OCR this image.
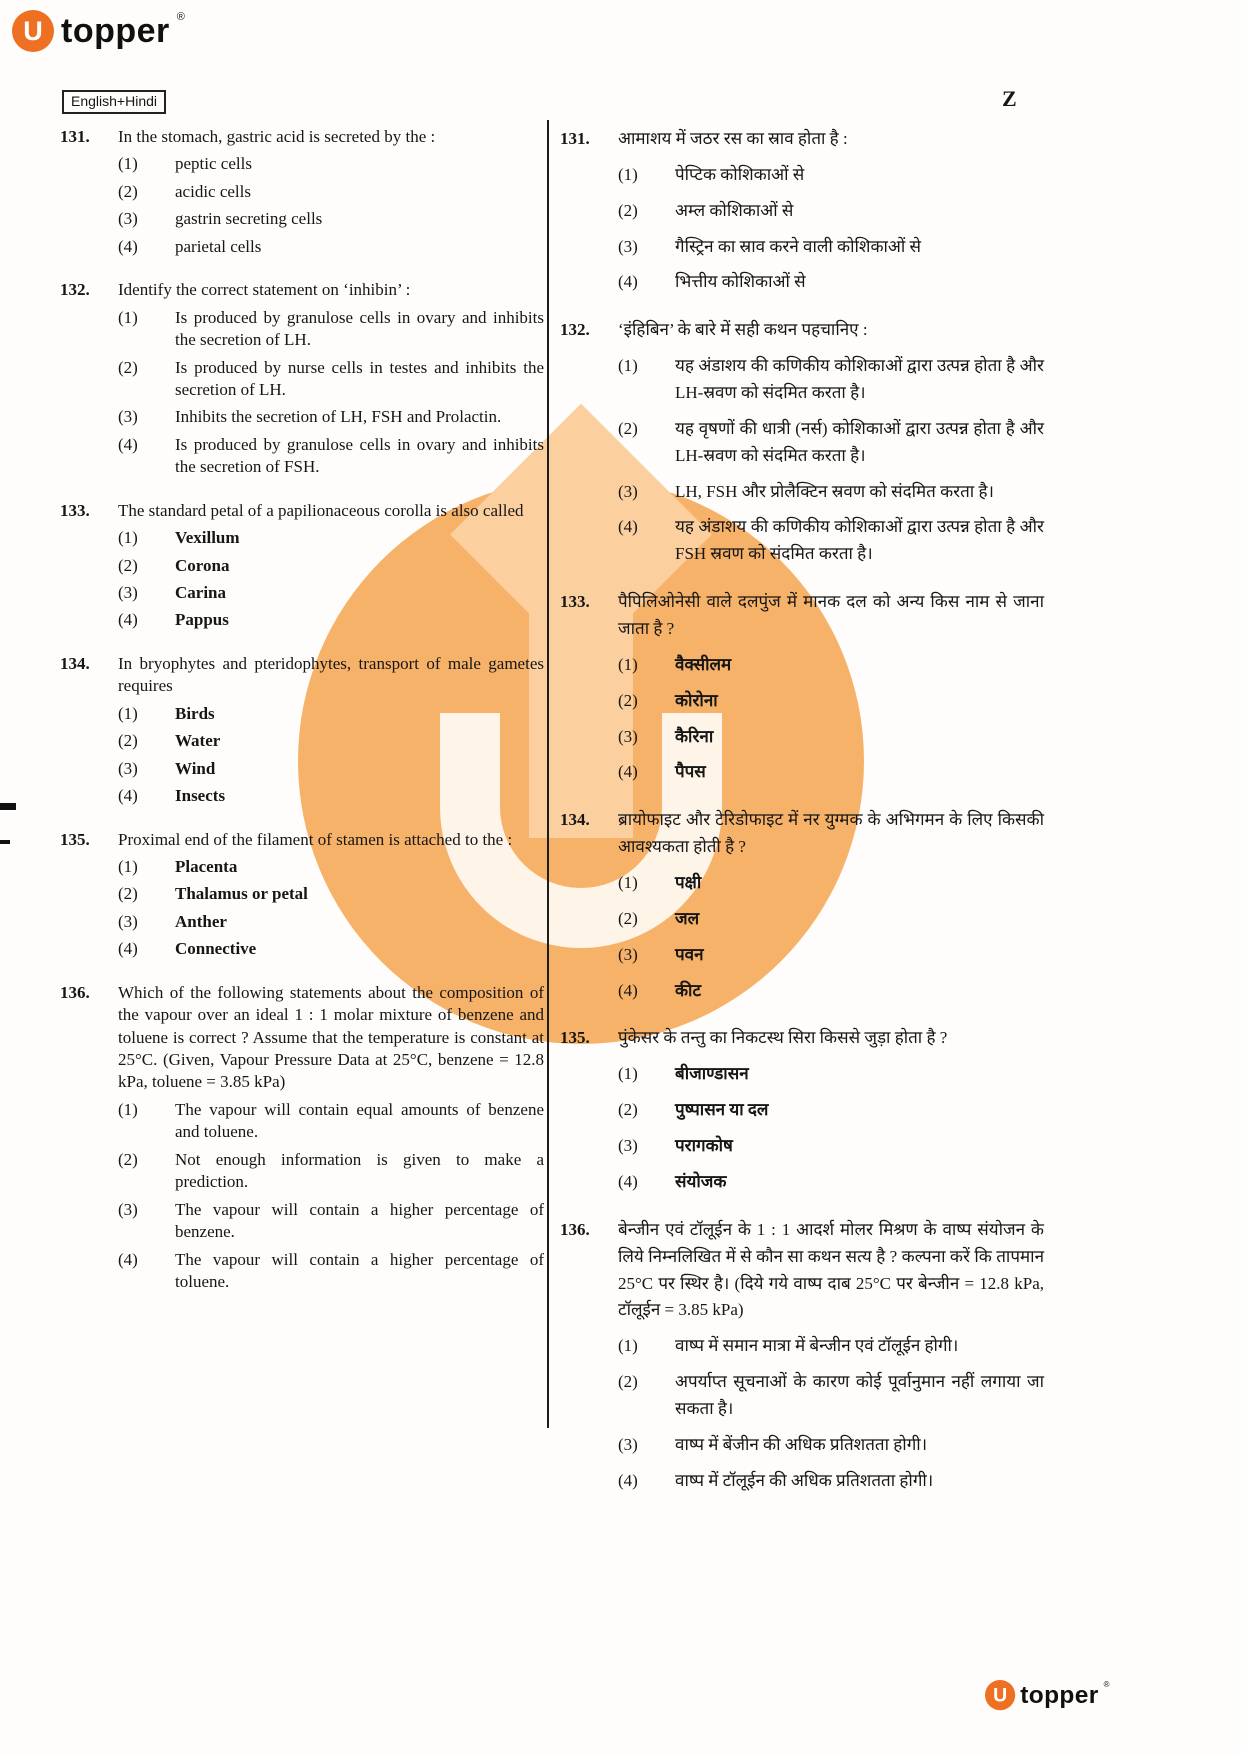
U topper ®
English+Hindi	Z
131.	In the stomach, gastric acid is secreted by the :
(1)	peptic cells
(2)	acidic cells
(3)	gastrin secreting cells
(4)	parietal cells
132.	Identify the correct statement on ‘inhibin’ :
(1)	Is produced by granulose cells in ovary and inhibits the secretion of LH.
(2)	Is produced by nurse cells in testes and inhibits the secretion of LH.
(3)	Inhibits the secretion of LH, FSH and Prolactin.
(4)	Is produced by granulose cells in ovary and inhibits the secretion of FSH.
133.	The standard petal of a papilionaceous corolla is also called
(1)	Vexillum
(2)	Corona
(3)	Carina
(4)	Pappus
134.	In bryophytes and pteridophytes, transport of male gametes requires
(1)	Birds
(2)	Water
(3)	Wind
(4)	Insects
135.	Proximal end of the filament of stamen is attached to the :
(1)	Placenta
(2)	Thalamus or petal
(3)	Anther
(4)	Connective
136.	Which of the following statements about the composition of the vapour over an ideal 1 : 1 molar mixture of benzene and toluene is correct ? Assume that the temperature is constant at 25°C. (Given, Vapour Pressure Data at 25°C, benzene = 12.8 kPa, toluene = 3.85 kPa)
(1)	The vapour will contain equal amounts of benzene and toluene.
(2)	Not enough information is given to make a prediction.
(3)	The vapour will contain a higher percentage of benzene.
(4)	The vapour will contain a higher percentage of toluene.
131.	आमाशय में जठर रस का स्राव होता है :
(1)	पेप्टिक कोशिकाओं से
(2)	अम्ल कोशिकाओं से
(3)	गैस्ट्रिन का स्राव करने वाली कोशिकाओं से
(4)	भित्तीय कोशिकाओं से
132.	‘इंहिबिन’ के बारे में सही कथन पहचानिए :
(1)	यह अंडाशय की कणिकीय कोशिकाओं द्वारा उत्पन्न होता है और LH-स्रवण को संदमित करता है।
(2)	यह वृषणों की धात्री (नर्स) कोशिकाओं द्वारा उत्पन्न होता है और LH-स्रवण को संदमित करता है।
(3)	LH, FSH और प्रोलैक्टिन स्रवण को संदमित करता है।
(4)	यह अंडाशय की कणिकीय कोशिकाओं द्वारा उत्पन्न होता है और FSH स्रवण को संदमित करता है।
133.	पैपिलिओनेसी वाले दलपुंज में मानक दल को अन्य किस नाम से जाना जाता है ?
(1)	वैक्सीलम
(2)	कोरोना
(3)	कैरिना
(4)	पैपस
134.	ब्रायोफाइट और टेरिडोफाइट में नर युग्मक के अभिगमन के लिए किसकी आवश्यकता होती है ?
(1)	पक्षी
(2)	जल
(3)	पवन
(4)	कीट
135.	पुंकेसर के तन्तु का निकटस्थ सिरा किससे जुड़ा होता है ?
(1)	बीजाण्डासन
(2)	पुष्पासन या दल
(3)	परागकोष
(4)	संयोजक
136.	बेन्जीन एवं टॉलूईन के 1 : 1 आदर्श मोलर मिश्रण के वाष्प संयोजन के लिये निम्नलिखित में से कौन सा कथन सत्य है ? कल्पना करें कि तापमान 25°C पर स्थिर है। (दिये गये वाष्प दाब 25°C पर बेन्जीन = 12.8 kPa, टॉलूईन = 3.85 kPa)
(1)	वाष्प में समान मात्रा में बेन्जीन एवं टॉलूईन होगी।
(2)	अपर्याप्त सूचनाओं के कारण कोई पूर्वानुमान नहीं लगाया जा सकता है।
(3)	वाष्प में बेंजीन की अधिक प्रतिशतता होगी।
(4)	वाष्प में टॉलूईन की अधिक प्रतिशतता होगी।
U topper ®
